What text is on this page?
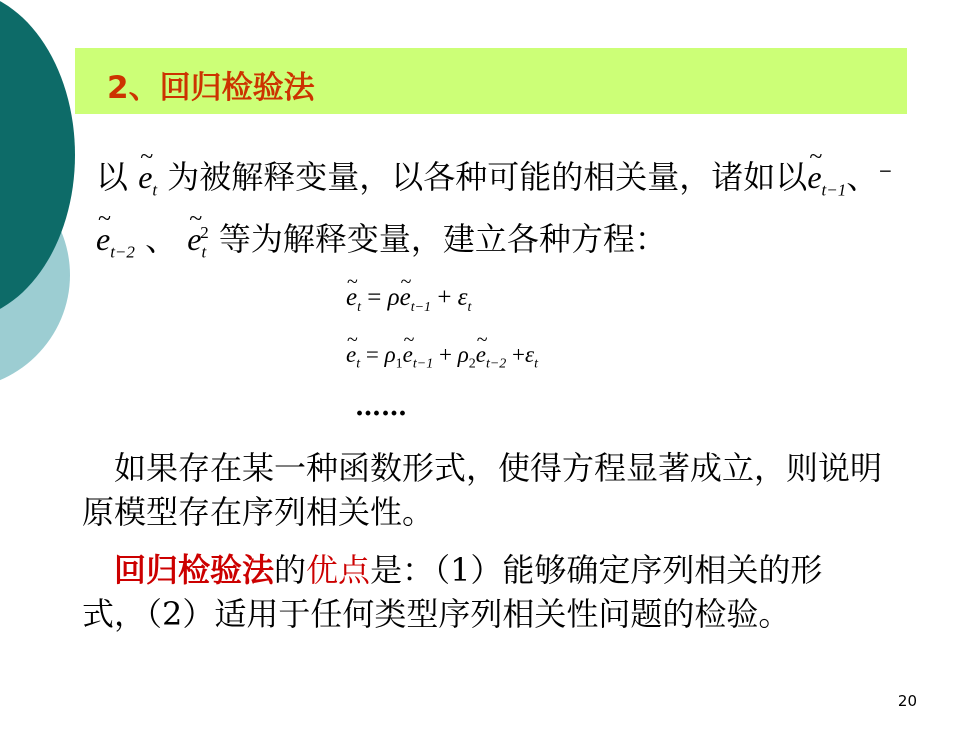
2、回归检验法
以 ~ $e_t$ 为被解释变量，以各种可能的相关量，诸如以~ $e_{t-1}$、−
~ $e_{t-2}$ 、 ~ $e_t^2$ 等为解释变量，建立各种方程：
~ $e_t$ = ρ~ $e_{t-1} + \varepsilon_t$
~ $e_t$ = $\rho_1\sim$ $e_{t-1}$ + $\rho_2\sim$ $e_{t-2} +\varepsilon_t$
……
　如果存在某一种函数形式，使得方程显著成立，则说明原模型存在序列相关性。
　回归检验法的优点是：（1）能够确定序列相关的形式，（2）适用于任何类型序列相关性问题的检验。
20
